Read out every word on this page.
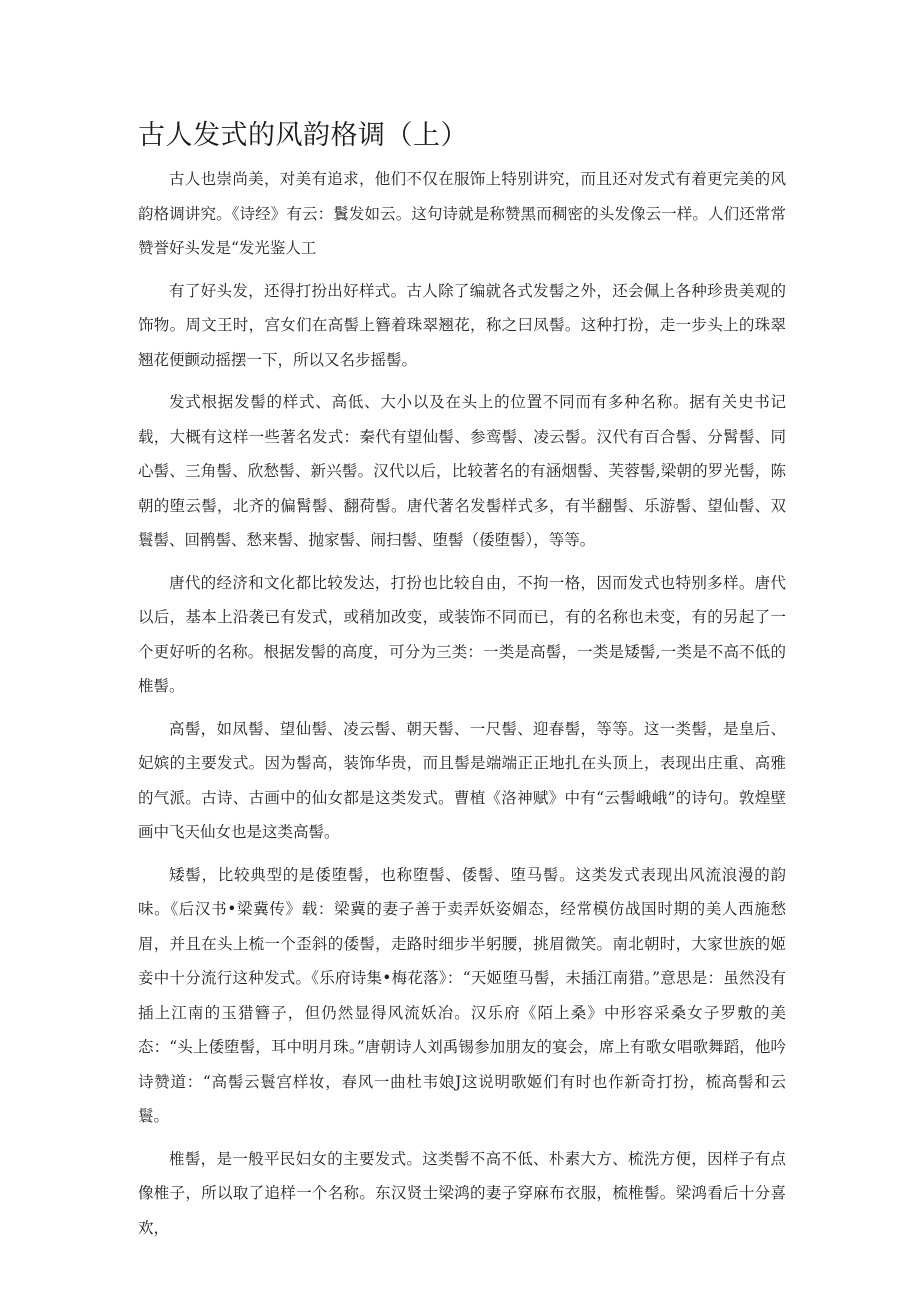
古人发式的风韵格调（上）

古人也崇尚美，对美有追求，他们不仅在服饰上特别讲究，而且还对发式有着更完美的风韵格调讲究。《诗经》有云：鬒发如云。这句诗就是称赞黑而稠密的头发像云一样。人们还常常赞誉好头发是“发光鉴人工

有了好头发，还得打扮出好样式。古人除了编就各式发髻之外，还会佩上各种珍贵美观的饰物。周文王时，宫女们在高髻上簪着珠翠翘花，称之曰凤髻。这种打扮，走一步头上的珠翠翘花便颤动摇摆一下，所以又名步摇髻。

发式根据发髻的样式、高低、大小以及在头上的位置不同而有多种名称。据有关史书记载，大概有这样一些著名发式：秦代有望仙髻、参鸾髻、凌云髻。汉代有百合髻、分髾髻、同心髻、三角髻、欣愁髻、新兴髻。汉代以后，比较著名的有涵烟髻、芙蓉髻,梁朝的罗光髻，陈朝的堕云髻，北齐的偏髾髻、翻荷髻。唐代著名发髻样式多，有半翻髻、乐游髻、望仙髻、双鬟髻、回鹘髻、愁来髻、抛家髻、闹扫髻、堕髻（倭堕髻），等等。

唐代的经济和文化都比较发达，打扮也比较自由，不拘一格，因而发式也特别多样。唐代以后，基本上沿袭已有发式，或稍加改变，或装饰不同而已，有的名称也未变，有的另起了一个更好听的名称。根据发髻的高度，可分为三类：一类是高髻，一类是矮髻,一类是不高不低的椎髻。

高髻，如凤髻、望仙髻、凌云髻、朝天髻、一尺髻、迎春髻，等等。这一类髻，是皇后、妃嫔的主要发式。因为髻高，装饰华贵，而且髻是端端正正地扎在头顶上，表现出庄重、高雅的气派。古诗、古画中的仙女都是这类发式。曹植《洛神赋》中有“云髻峨峨”的诗句。敦煌壁画中飞天仙女也是这类高髻。

矮髻，比较典型的是倭堕髻，也称堕髻、倭髻、堕马髻。这类发式表现出风流浪漫的韵味。《后汉书•梁冀传》载：梁冀的妻子善于卖弄妖姿媚态，经常模仿战国时期的美人西施愁眉，并且在头上梳一个歪斜的倭髻，走路时细步半躬腰，挑眉微笑。南北朝时，大家世族的姬妾中十分流行这种发式。《乐府诗集•梅花落》：“天姬堕马髻，未插江南猎。”意思是：虽然没有插上江南的玉猎簪子，但仍然显得风流妖冶。汉乐府《陌上桑》中形容采桑女子罗敷的美态：“头上倭堕髻，耳中明月珠。”唐朝诗人刘禹锡参加朋友的宴会，席上有歌女唱歌舞蹈，他吟诗赞道：“高髻云鬟宫样妆，春风一曲杜韦娘J这说明歌姬们有时也作新奇打扮，梳高髻和云鬟。

椎髻，是一般平民妇女的主要发式。这类髻不高不低、朴素大方、梳洗方便，因样子有点像椎子，所以取了追样一个名称。东汉贤士梁鸿的妻子穿麻布衣服，梳椎髻。梁鸿看后十分喜欢，
